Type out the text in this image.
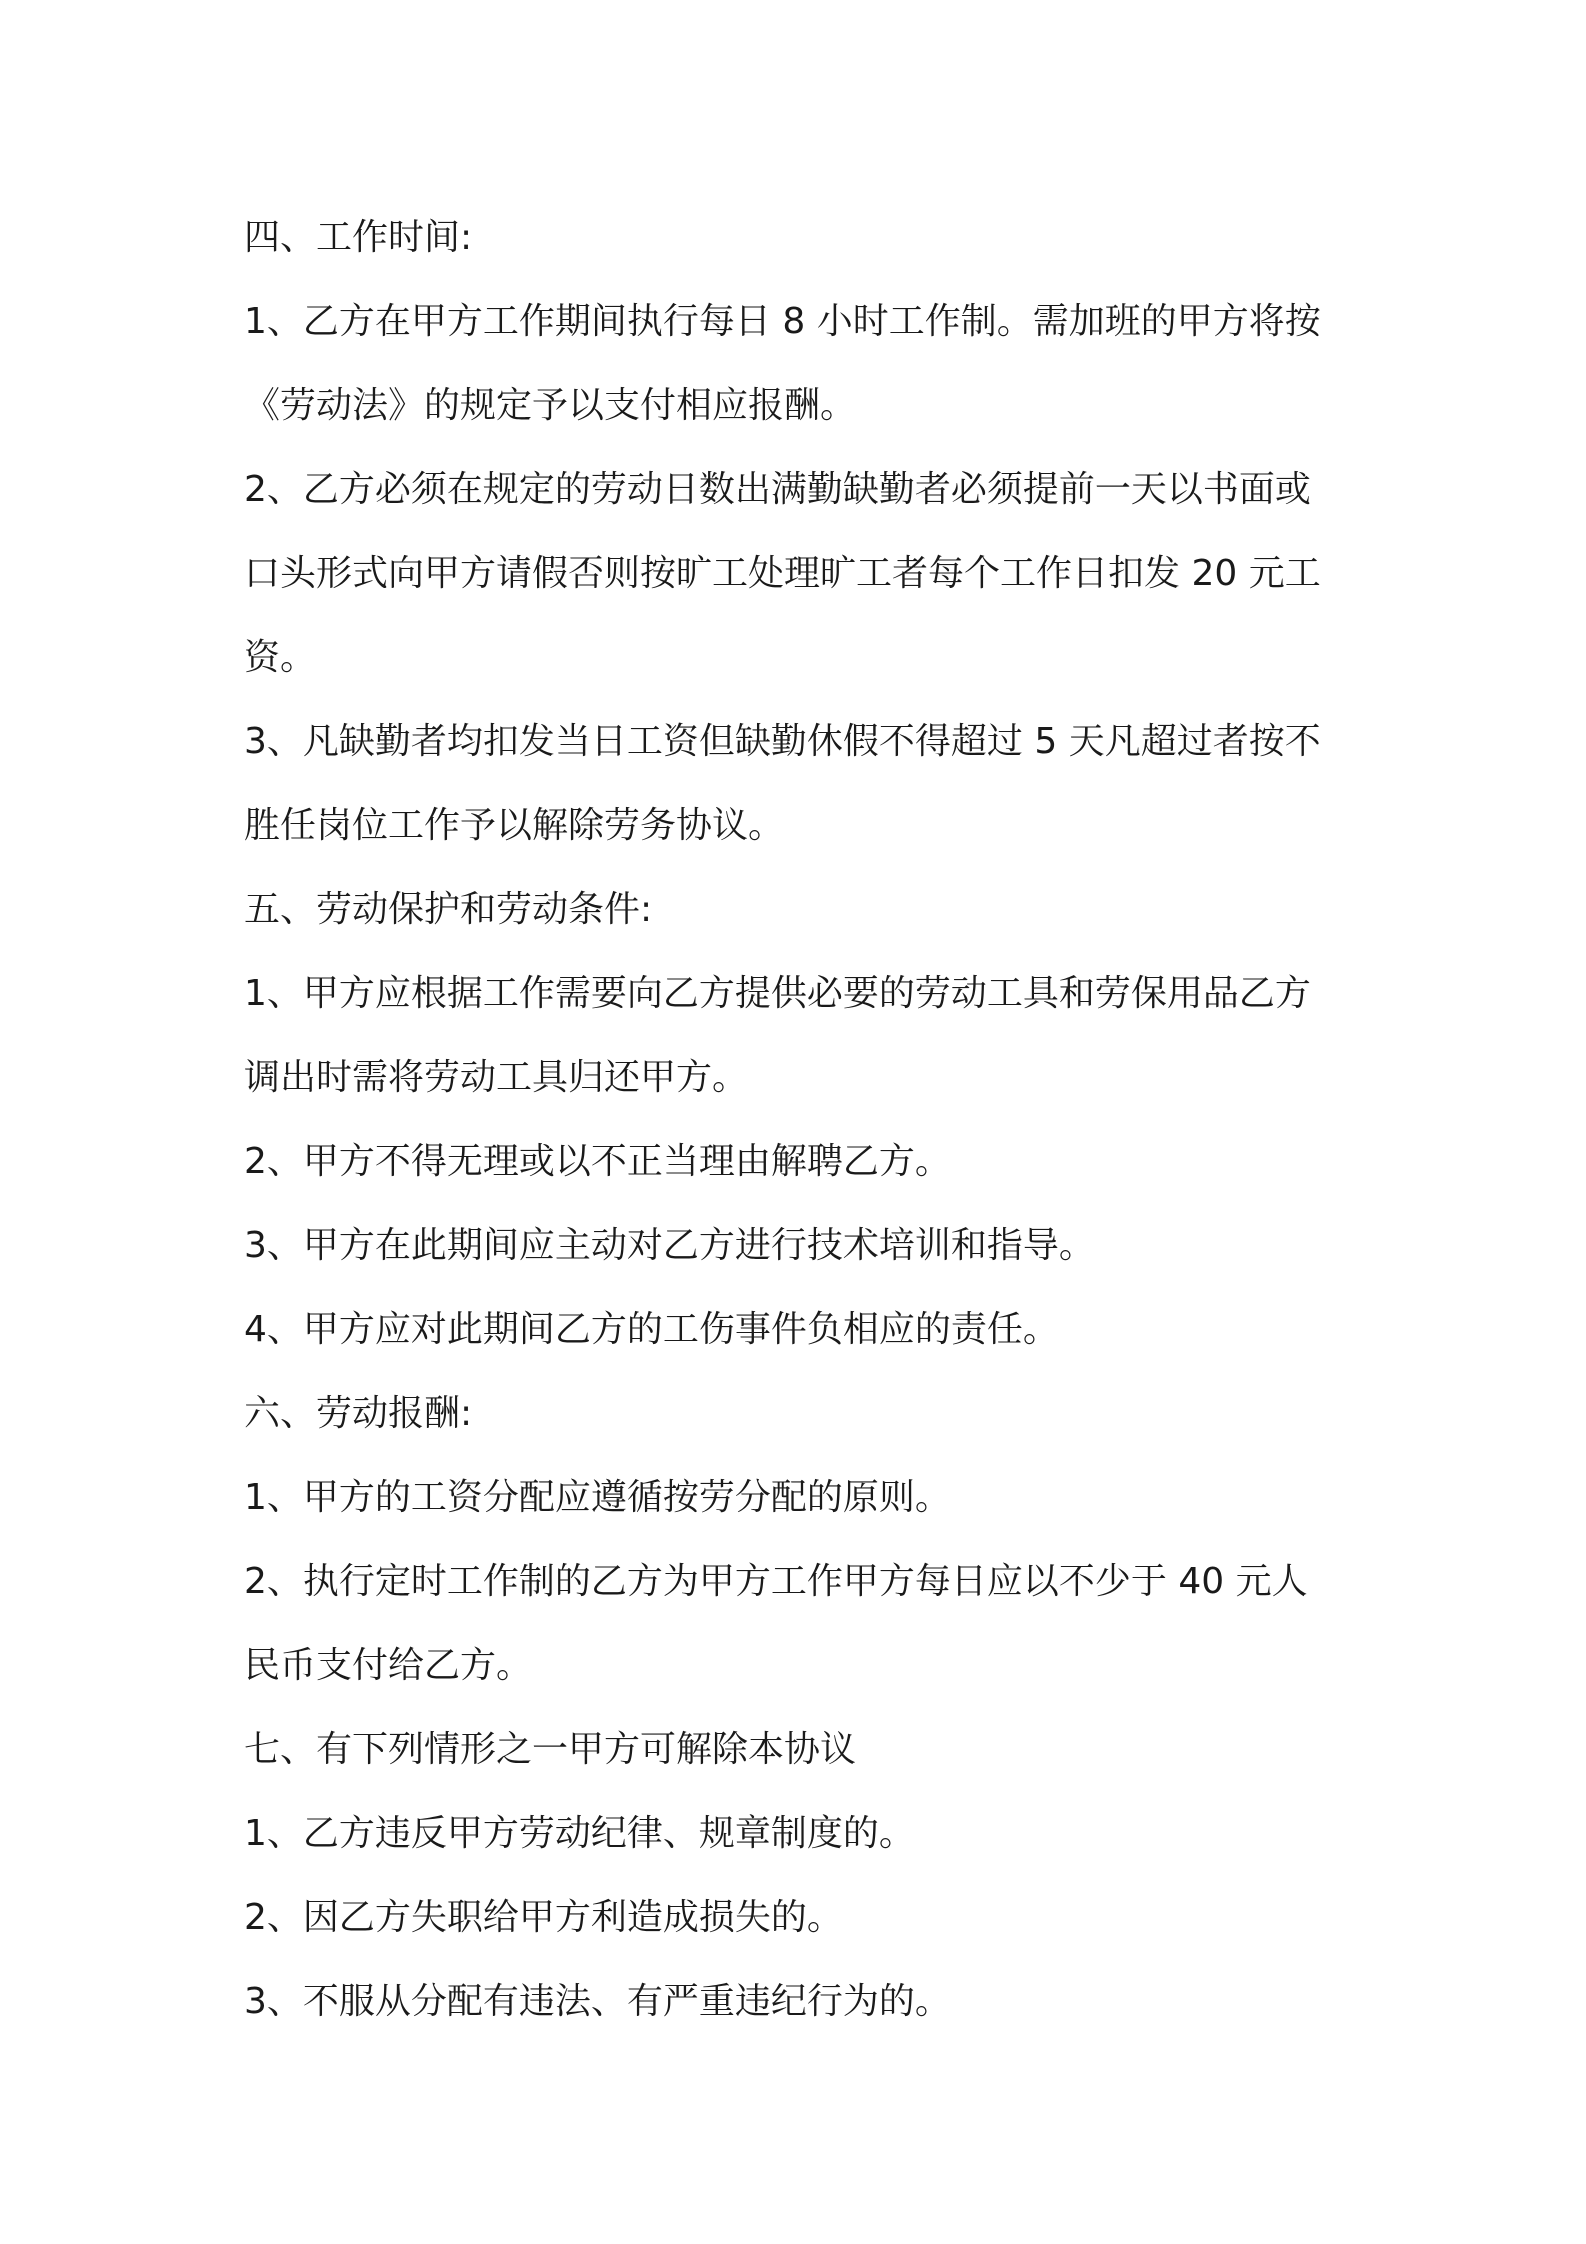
四、工作时间:
1、乙方在甲方工作期间执行每日 8 小时工作制。需加班的甲方将按
《劳动法》的规定予以支付相应报酬。
2、乙方必须在规定的劳动日数出满勤缺勤者必须提前一天以书面或
口头形式向甲方请假否则按旷工处理旷工者每个工作日扣发 20 元工
资。
3、凡缺勤者均扣发当日工资但缺勤休假不得超过 5 天凡超过者按不
胜任岗位工作予以解除劳务协议。
五、劳动保护和劳动条件:
1、甲方应根据工作需要向乙方提供必要的劳动工具和劳保用品乙方
调出时需将劳动工具归还甲方。
2、甲方不得无理或以不正当理由解聘乙方。
3、甲方在此期间应主动对乙方进行技术培训和指导。
4、甲方应对此期间乙方的工伤事件负相应的责任。
六、劳动报酬:
1、甲方的工资分配应遵循按劳分配的原则。
2、执行定时工作制的乙方为甲方工作甲方每日应以不少于 40 元人
民币支付给乙方。
七、有下列情形之一甲方可解除本协议
1、乙方违反甲方劳动纪律、规章制度的。
2、因乙方失职给甲方利造成损失的。
3、不服从分配有违法、有严重违纪行为的。
